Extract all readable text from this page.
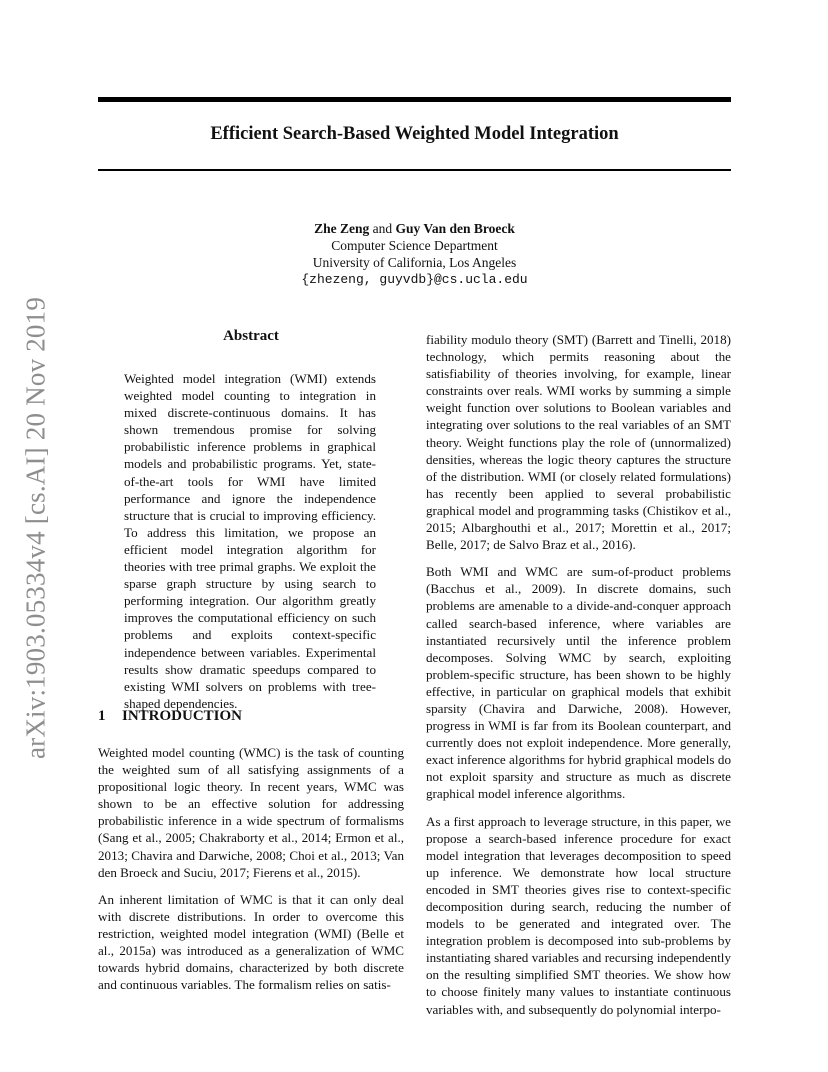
arXiv:1903.05334v4 [cs.AI] 20 Nov 2019
Efficient Search-Based Weighted Model Integration
Zhe Zeng and Guy Van den Broeck
Computer Science Department
University of California, Los Angeles
{zhezeng, guyvdb}@cs.ucla.edu
Abstract
Weighted model integration (WMI) extends weighted model counting to integration in mixed discrete-continuous domains. It has shown tremendous promise for solving probabilistic inference problems in graphical models and probabilistic programs. Yet, state-of-the-art tools for WMI have limited performance and ignore the independence structure that is crucial to improving efficiency. To address this limitation, we propose an efficient model integration algorithm for theories with tree primal graphs. We exploit the sparse graph structure by using search to performing integration. Our algorithm greatly improves the computational efficiency on such problems and exploits context-specific independence between variables. Experimental results show dramatic speedups compared to existing WMI solvers on problems with tree-shaped dependencies.
1 INTRODUCTION

Weighted model counting (WMC) is the task of counting the weighted sum of all satisfying assignments of a propositional logic theory. In recent years, WMC was shown to be an effective solution for addressing probabilistic inference in a wide spectrum of formalisms (Sang et al., 2005; Chakraborty et al., 2014; Ermon et al., 2013; Chavira and Darwiche, 2008; Choi et al., 2013; Van den Broeck and Suciu, 2017; Fierens et al., 2015).

An inherent limitation of WMC is that it can only deal with discrete distributions. In order to overcome this restriction, weighted model integration (WMI) (Belle et al., 2015a) was introduced as a generalization of WMC towards hybrid domains, characterized by both discrete and continuous variables. The formalism relies on satis-

fiability modulo theory (SMT) (Barrett and Tinelli, 2018) technology, which permits reasoning about the satisfiability of theories involving, for example, linear constraints over reals. WMI works by summing a simple weight function over solutions to Boolean variables and integrating over solutions to the real variables of an SMT theory. Weight functions play the role of (unnormalized) densities, whereas the logic theory captures the structure of the distribution. WMI (or closely related formulations) has recently been applied to several probabilistic graphical model and programming tasks (Chistikov et al., 2015; Albarghouthi et al., 2017; Morettin et al., 2017; Belle, 2017; de Salvo Braz et al., 2016).

Both WMI and WMC are sum-of-product problems (Bacchus et al., 2009). In discrete domains, such problems are amenable to a divide-and-conquer approach called search-based inference, where variables are instantiated recursively until the inference problem decomposes. Solving WMC by search, exploiting problem-specific structure, has been shown to be highly effective, in particular on graphical models that exhibit sparsity (Chavira and Darwiche, 2008). However, progress in WMI is far from its Boolean counterpart, and currently does not exploit independence. More generally, exact inference algorithms for hybrid graphical models do not exploit sparsity and structure as much as discrete graphical model inference algorithms.

As a first approach to leverage structure, in this paper, we propose a search-based inference procedure for exact model integration that leverages decomposition to speed up inference. We demonstrate how local structure encoded in SMT theories gives rise to context-specific decomposition during search, reducing the number of models to be generated and integrated over. The integration problem is decomposed into sub-problems by instantiating shared variables and recursing independently on the resulting simplified SMT theories. We show how to choose finitely many values to instantiate continuous variables with, and subsequently do polynomial interpo-
